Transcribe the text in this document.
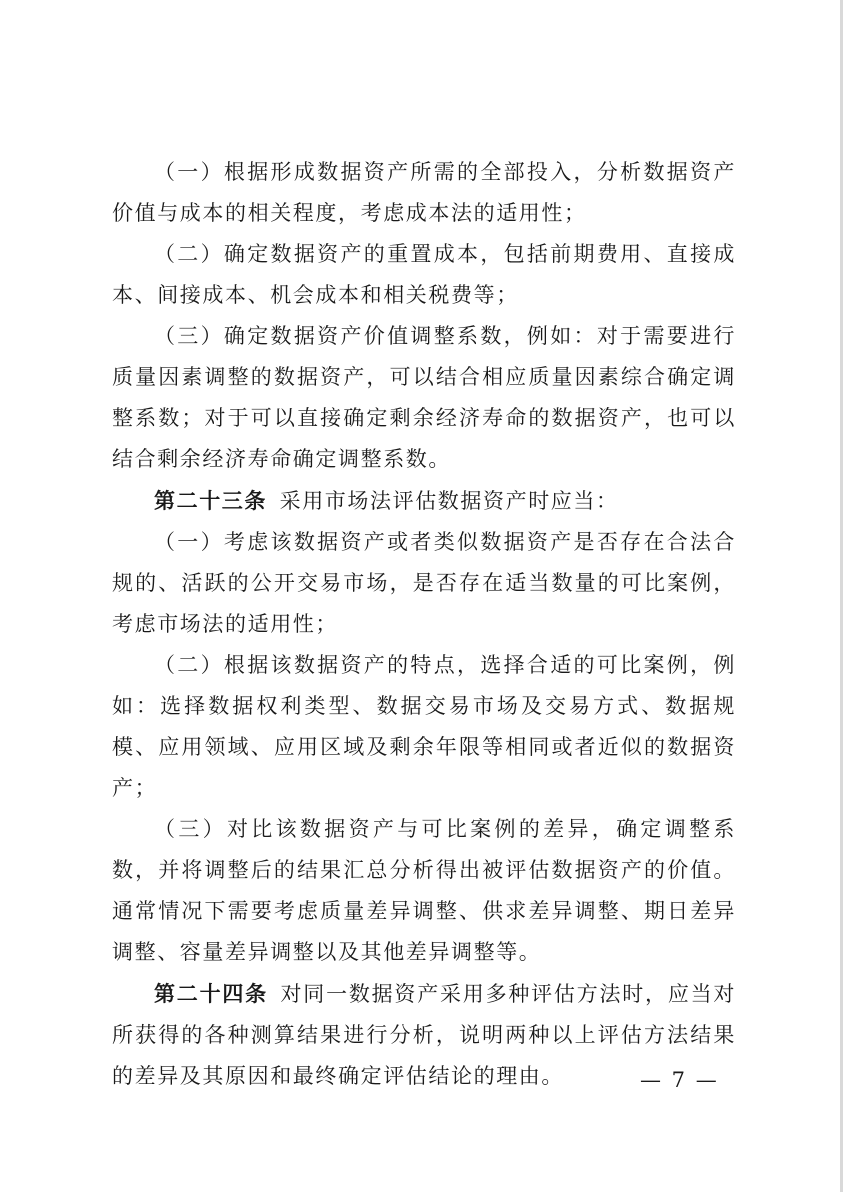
（一）根据形成数据资产所需的全部投入，分析数据资产价值与成本的相关程度，考虑成本法的适用性；

（二）确定数据资产的重置成本，包括前期费用、直接成本、间接成本、机会成本和相关税费等；

（三）确定数据资产价值调整系数，例如：对于需要进行质量因素调整的数据资产，可以结合相应质量因素综合确定调整系数；对于可以直接确定剩余经济寿命的数据资产，也可以结合剩余经济寿命确定调整系数。

第二十三条 采用市场法评估数据资产时应当：

（一）考虑该数据资产或者类似数据资产是否存在合法合规的、活跃的公开交易市场，是否存在适当数量的可比案例，考虑市场法的适用性；

（二）根据该数据资产的特点，选择合适的可比案例，例如：选择数据权利类型、数据交易市场及交易方式、数据规模、应用领域、应用区域及剩余年限等相同或者近似的数据资产；

（三）对比该数据资产与可比案例的差异，确定调整系数，并将调整后的结果汇总分析得出被评估数据资产的价值。通常情况下需要考虑质量差异调整、供求差异调整、期日差异调整、容量差异调整以及其他差异调整等。

第二十四条 对同一数据资产采用多种评估方法时，应当对所获得的各种测算结果进行分析，说明两种以上评估方法结果的差异及其原因和最终确定评估结论的理由。	— 7 —
